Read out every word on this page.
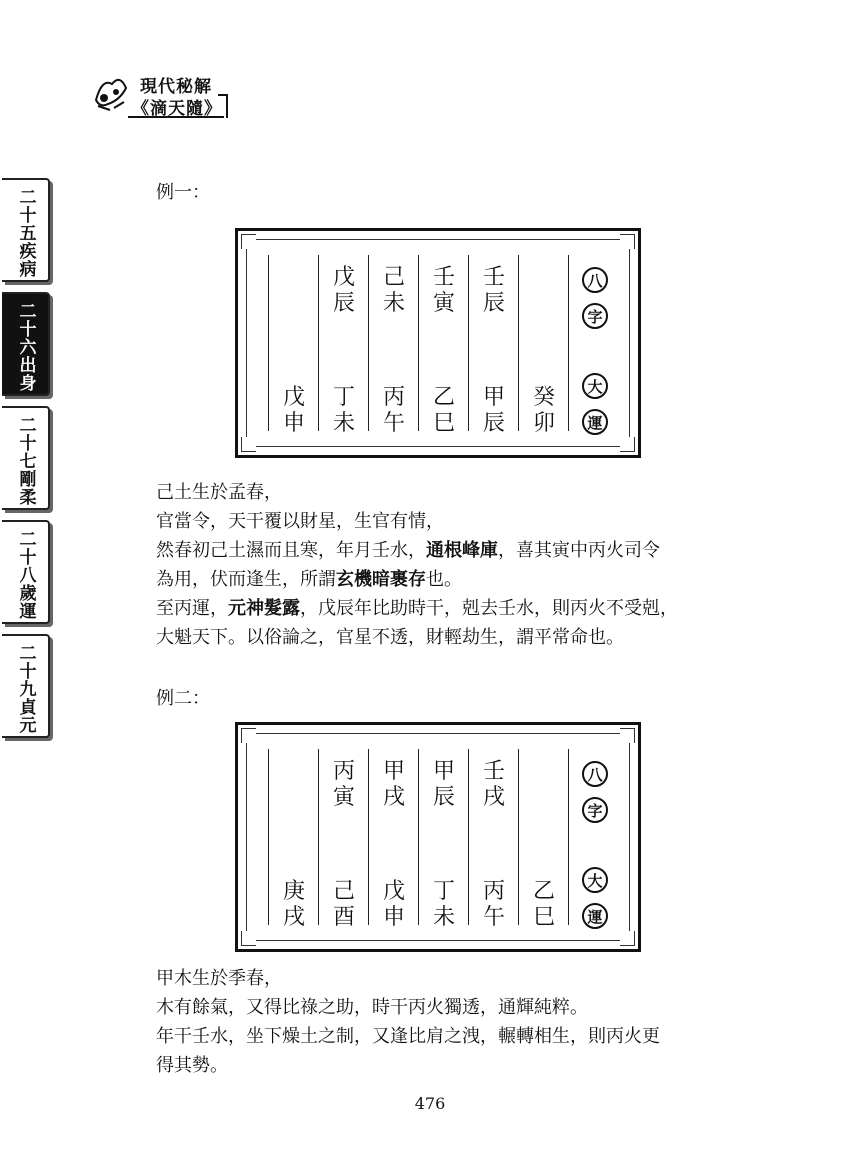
現代秘解
《滴天隨》
二十五疾病
二十六出身
二十七剛柔
二十八歲運
二十九貞元
例一：
八
字
大
運
壬
辰
壬
寅
己
未
戊
辰
癸
卯
甲
辰
乙
巳
丙
午
丁
未
戊
申
己土生於孟春，
官當令，天干覆以財星，生官有情，
然春初己土濕而且寒，年月壬水，通根峰庫，喜其寅中丙火司令
為用，伏而逢生，所謂玄機暗裹存也。
至丙運，元神髮露，戊辰年比助時干，剋去壬水，則丙火不受剋，
大魁天下。以俗論之，官星不透，財輕劫生，謂平常命也。
例二：
八
字
大
運
壬
戌
甲
辰
甲
戌
丙
寅
乙
巳
丙
午
丁
未
戊
申
己
酉
庚
戌
甲木生於季春，
木有餘氣，又得比祿之助，時干丙火獨透，通輝純粹。
年干壬水，坐下燥土之制，又逢比肩之洩，輾轉相生，則丙火更
得其勢。
476
